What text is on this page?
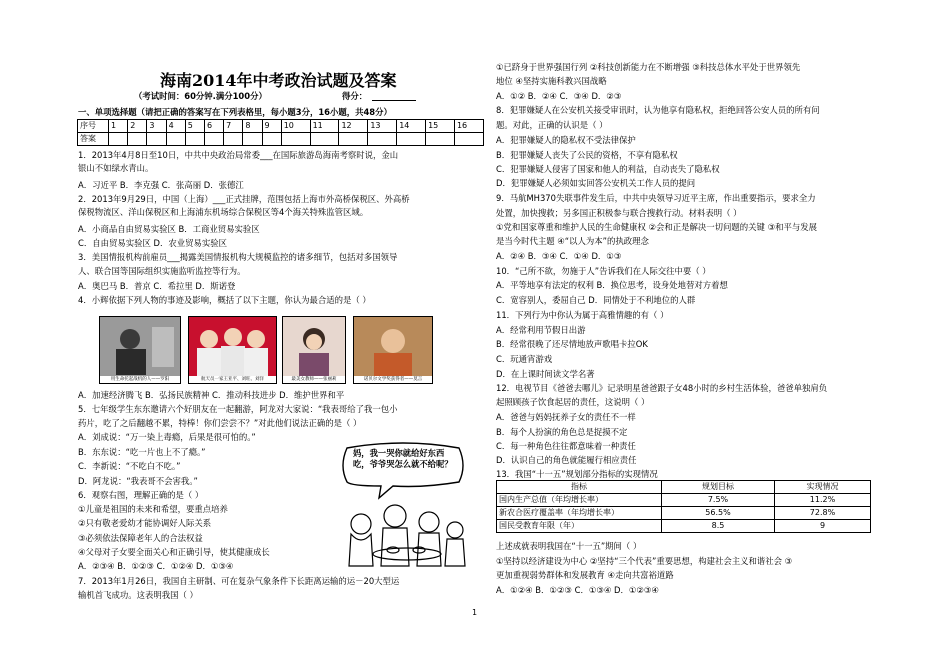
海南2014年中考政治试题及答案
（考试时间：60分钟.满分100分）	得分：
一、单项选择题（请把正确的答案写在下列表格里，每小题3分，16小题，共48分）
序号	1	2	3	4	5	6	7	8	9	10	11	12	13	14	15	16
答案																
1．2013年4月8日至10日，中共中央政治局常委___在国际旅游岛海南考察时说，金山
银山不如绿水青山。
A．习近平 B．李克强 C．张高丽 D．张德江
2．2013年9月29日，中国（上海）___正式挂牌，范围包括上海市外高桥保税区、外高桥
保税物流区、洋山保税区和上海浦东机场综合保税区等4个海关特殊监管区域。
A．小商品自由贸易实验区 B．工商业贸易实验区
C．自由贸易实验区 D．农业贸易实验区
3．美国情报机构前雇员___揭露美国情报机构大规模监控的诸多细节，包括对多国领导
人、联合国等国际组织实施监听监控等行为。
A．奥巴马 B．普京 C．希拉里 D．斯诺登
4．小辉依据下列人物的事迹及影响，概括了以下主题，你认为最合适的是（ ）
用生命托起战机的人——罗阳	航天员一家王亚平、刘旺、刘洋	最美女教师——张丽莉	诺贝尔文学奖获得者——莫言
A．加速经济腾飞 B．弘扬民族精神 C．推动科技进步 D．维护世界和平
5．七年级学生东东邀请六个好朋友在一起翻游，阿龙对大家说：“我表哥给了我一包小
药片，吃了之后翻越不累，特棒！你们尝尝不？”对此他们说法正确的是（ ）
A．刘成说：“万一染上毒瘾，后果是很可怕的。”
B．东东说：“吃一片也上不了瘾。”
C．李新说：“不吃白不吃。”
D．阿龙说：“我表哥不会害我。”
6．观察右图，理解正确的是（ ）
①儿童是祖国的未来和希望，要重点培养
②只有敬老爱幼才能协调好人际关系
③必须依法保障老年人的合法权益
④父母对子女要全面关心和正确引导，使其健康成长
A．②③④ B．①②③ C．①②④ D．①③④
7．2013年1月26日，我国自主研制、可在复杂气象条件下长距离运输的运－20大型运
输机首飞成功。这表明我国（ ）
妈，我一哭你就给好东西吃，爷爷哭怎么就不给呢？
①已跻身于世界强国行列 ②科技创新能力在不断增强 ③科技总体水平处于世界领先
地位 ④坚持实施科教兴国战略
A．①② B．②④ C．③④ D．②③
8．犯罪嫌疑人在公安机关接受审讯时，认为他享有隐私权，拒绝回答公安人员的所有问
题。对此，正确的认识是（ ）
A．犯罪嫌疑人的隐私权不受法律保护
B．犯罪嫌疑人丧失了公民的资格，不享有隐私权
C．犯罪嫌疑人侵害了国家和他人的利益，自动丧失了隐私权
D．犯罪嫌疑人必须如实回答公安机关工作人员的提问
9．马航MH370失联事件发生后，中共中央领导习近平主席，作出重要指示，要求全力
处置，加快搜救；另多国正积极参与联合搜救行动。材料表明（ ）
①党和国家尊重和维护人民的生命健康权 ②会和正是解决一切问题的关键 ③和平与发展
是当今时代主题 ④“以人为本”的执政理念
A．②④ B．③④ C．①④ D．①③
10．“己所不欲，勿施于人”告诉我们在人际交往中要（ ）
A．平等地享有法定的权利 B．换位思考，设身处地替对方着想
C．宽容别人，委屈自己 D．同情处于不利地位的人群
11．下列行为中你认为属于高雅情趣的有（ ）
A．经常利用节假日出游
B．经常很晚了还尽情地放声歌唱卡拉OK
C．玩通宵游戏
D．在上课时间读文学名著
12．电视节目《爸爸去哪儿》记录明星爸爸跟子女48小时的乡村生活体验，爸爸单独肩负
起照顾孩子饮食起居的责任，这说明（ ）
A．爸爸与妈妈抚养子女的责任不一样
B．每个人扮演的角色总是捉摸不定
C．每一种角色往往都意味着一种责任
D．认识自己的角色就能履行相应责任
13．我国“十一五”规划部分指标的实现情况
指标	规划目标	实现情况
国内生产总值（年均增长率）	7.5%	11.2%
新农合医疗覆盖率（年均增长率）	56.5%	72.8%
国民受教育年限（年）	8.5	9
上述成就表明我国在“十一五”期间（ ）
①坚持以经济建设为中心 ②坚持“三个代表”重要思想，构建社会主义和谐社会 ③
更加重视弱势群体和发展教育 ④走向共富裕道路
A．①②④ B．①②③ C．①③④ D．①②③④
1
